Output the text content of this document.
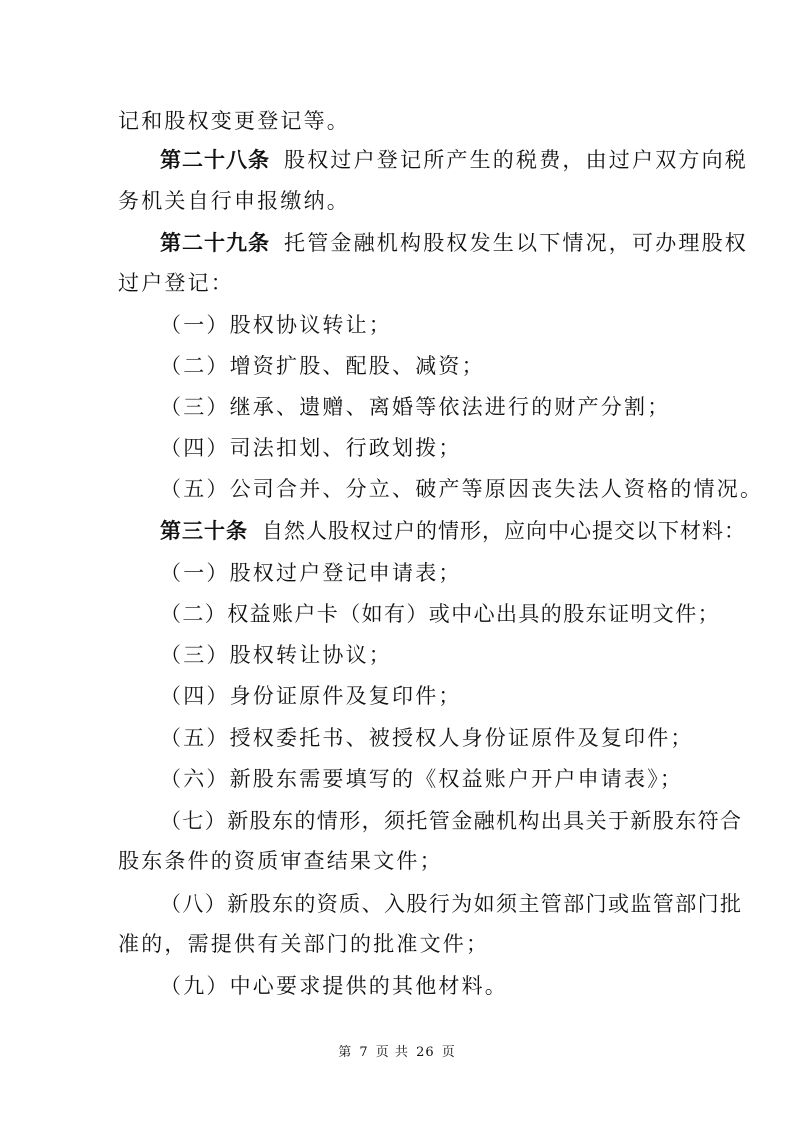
记和股权变更登记等。
第二十八条 股权过户登记所产生的税费，由过户双方向税
务机关自行申报缴纳。
第二十九条 托管金融机构股权发生以下情况，可办理股权
过户登记：
（一）股权协议转让；
（二）增资扩股、配股、减资；
（三）继承、遗赠、离婚等依法进行的财产分割；
（四）司法扣划、行政划拨；
（五）公司合并、分立、破产等原因丧失法人资格的情况。
第三十条 自然人股权过户的情形，应向中心提交以下材料：
（一）股权过户登记申请表；
（二）权益账户卡（如有）或中心出具的股东证明文件；
（三）股权转让协议；
（四）身份证原件及复印件；
（五）授权委托书、被授权人身份证原件及复印件；
（六）新股东需要填写的《权益账户开户申请表》；
（七）新股东的情形，须托管金融机构出具关于新股东符合
股东条件的资质审查结果文件；
（八）新股东的资质、入股行为如须主管部门或监管部门批
准的，需提供有关部门的批准文件；
（九）中心要求提供的其他材料。
第 7 页 共 26 页
